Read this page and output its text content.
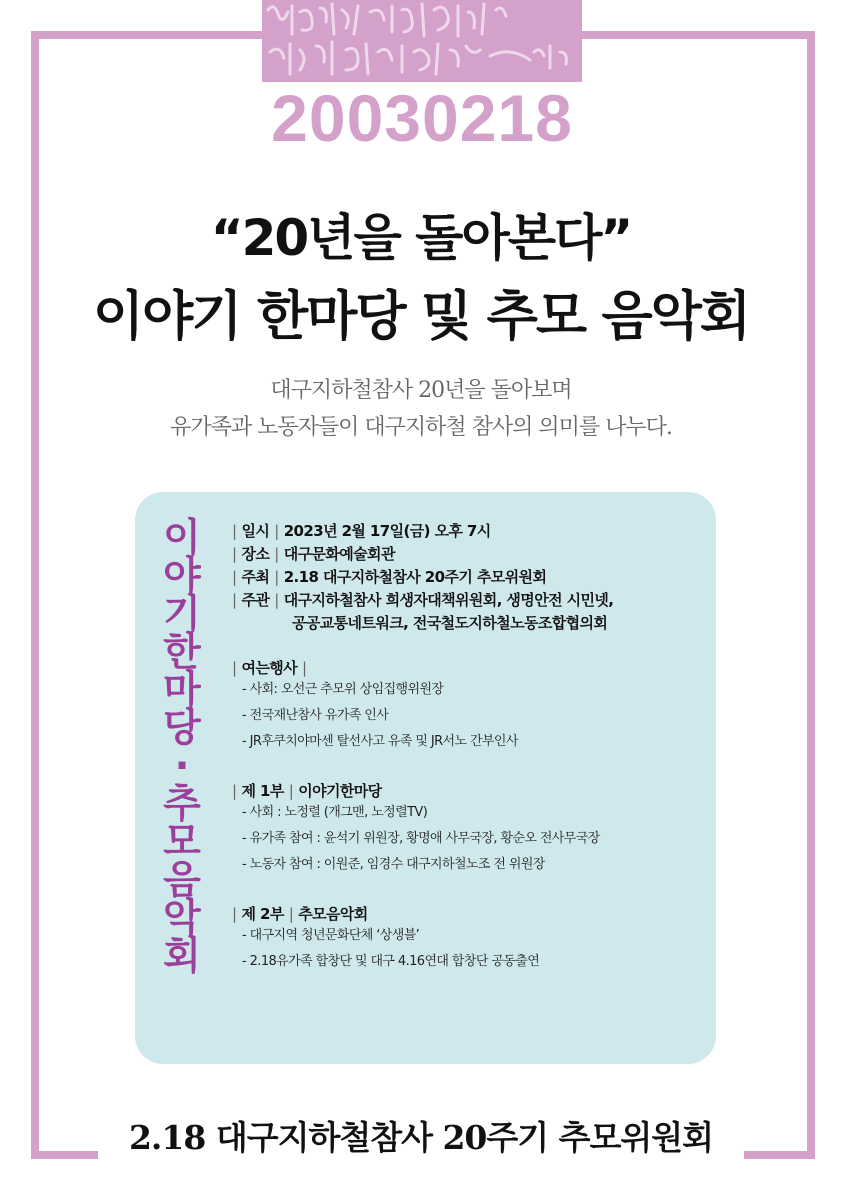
20030218
“20년을 돌아본다”
이야기 한마당 및 추모 음악회
대구지하철참사 20년을 돌아보며
유가족과 노동자들이 대구지하철 참사의 의미를 나누다.
이
야
기
한
마
당
·
추
모
음
악
회
| 일시 | 2023년 2월 17일(금) 오후 7시
| 장소 | 대구문화예술회관
| 주최 | 2.18 대구지하철참사 20주기 추모위원회
| 주관 | 대구지하철참사 희생자대책위원회, 생명안전 시민넷,
공공교통네트워크, 전국철도지하철노동조합협의회
| 여는행사 |
- 사회: 오선근 추모위 상임집행위원장
- 전국재난참사 유가족 인사
- JR후쿠치야마센 탈선사고 유족 및 JR서노 간부인사
| 제 1부 | 이야기한마당
- 사회 : 노정렬 (개그맨, 노정렬TV)
- 유가족 참여 : 윤석기 위원장, 황명애 사무국장, 황순오 전사무국장
- 노동자 참여 : 이원준, 임경수 대구지하철노조 전 위원장
| 제 2부 | 추모음악회
- 대구지역 청년문화단체 ‘상생블’
- 2.18유가족 합창단 및 대구 4.16연대 합창단 공동출연
2.18 대구지하철참사 20주기 추모위원회
